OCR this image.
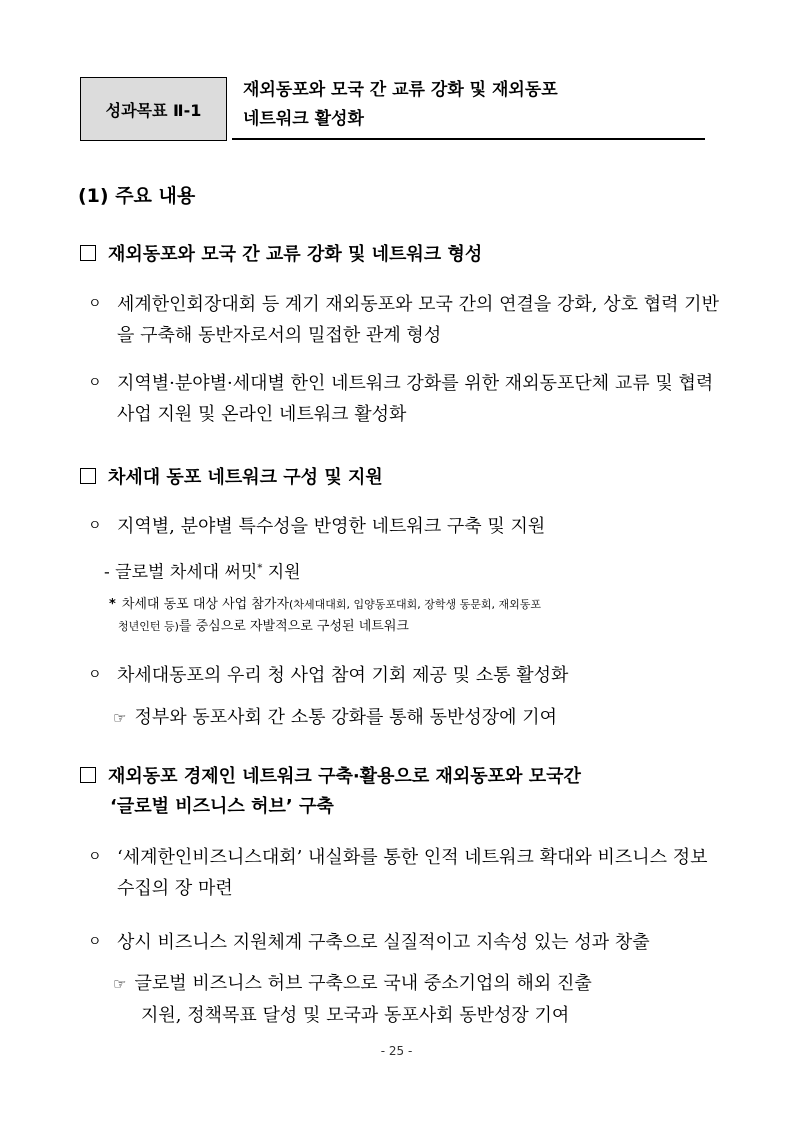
성과목표 Ⅱ-1
재외동포와 모국 간 교류 강화 및 재외동포
네트워크 활성화
(1) 주요 내용
재외동포와 모국 간 교류 강화 및 네트워크 형성
ㅇ 세계한인회장대회 등 계기 재외동포와 모국 간의 연결을 강화, 상호 협력 기반을 구축해 동반자로서의 밀접한 관계 형성
ㅇ 지역별·분야별·세대별 한인 네트워크 강화를 위한 재외동포단체 교류 및 협력사업 지원 및 온라인 네트워크 활성화
차세대 동포 네트워크 구성 및 지원
ㅇ 지역별, 분야별 특수성을 반영한 네트워크 구축 및 지원
- 글로벌 차세대 써밋* 지원
* 차세대 동포 대상 사업 참가자(차세대대회, 입양동포대회, 장학생 동문회, 재외동포
청년인턴 등)를 중심으로 자발적으로 구성된 네트워크
ㅇ 차세대동포의 우리 청 사업 참여 기회 제공 및 소통 활성화
☞ 정부와 동포사회 간 소통 강화를 통해 동반성장에 기여
재외동포 경제인 네트워크 구축·활용으로 재외동포와 모국간
‘글로벌 비즈니스 허브’ 구축
ㅇ ‘세계한인비즈니스대회’ 내실화를 통한 인적 네트워크 확대와 비즈니스 정보수집의 장 마련
ㅇ 상시 비즈니스 지원체계 구축으로 실질적이고 지속성 있는 성과 창출
☞ 글로벌 비즈니스 허브 구축으로 국내 중소기업의 해외 진출
지원, 정책목표 달성 및 모국과 동포사회 동반성장 기여
- 25 -
